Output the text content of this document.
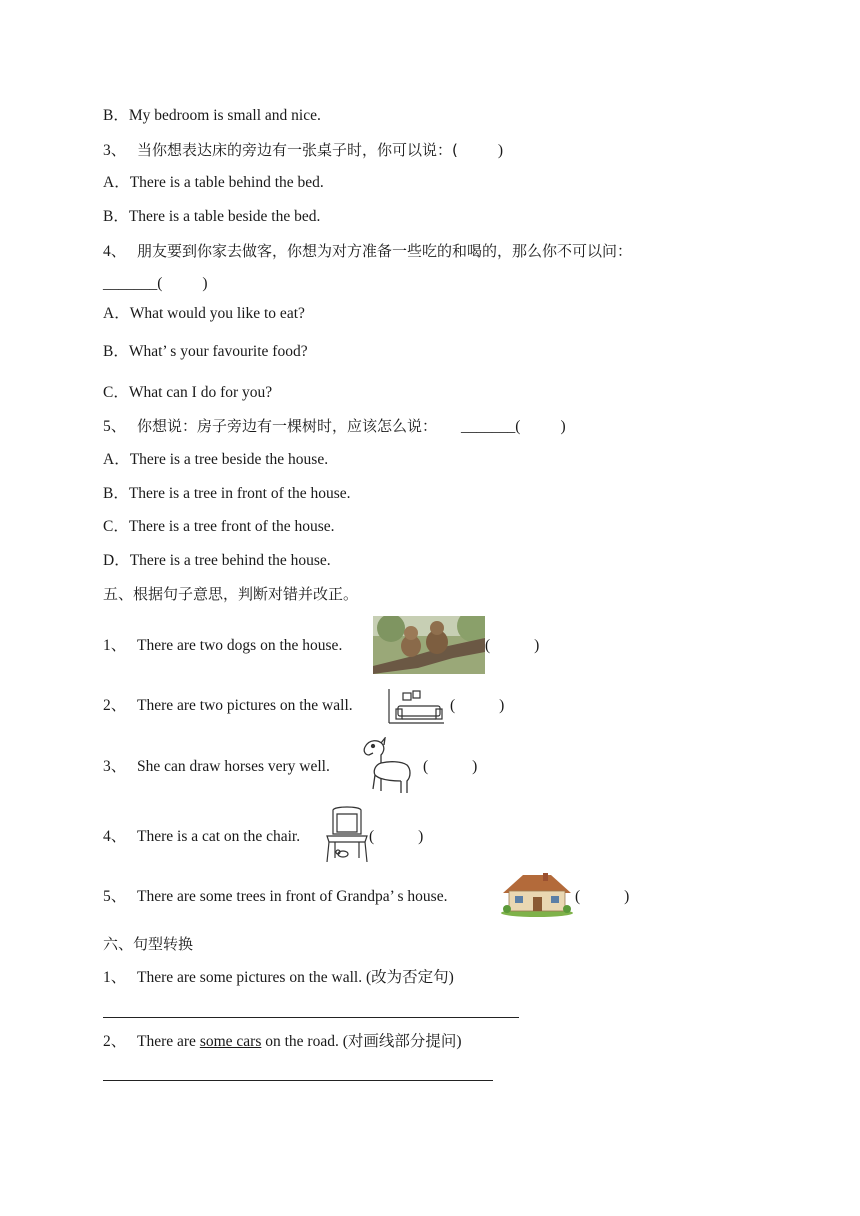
B．My bedroom is small and nice.
3、 当你想表达床的旁边有一张桌子时，你可以说：(	)
A．There is a table behind the bed.
B．There is a table beside the bed.
4、 朋友要到你家去做客，你想为对方准备一些吃的和喝的，那么你不可以问：
_______(	)
A．What would you like to eat?
B．What’ s your favourite food?
C．What can I do for you?
5、 你想说：房子旁边有一棵树时，应该怎么说： _______(	)
A．There is a tree beside the house.
B．There is a tree in front of the house.
C．There is a tree front of the house.
D．There is a tree behind the house.
五、根据句子意思，判断对错并改正。
1、 There are two dogs on the house.	(	)
2、 There are two pictures on the wall.	(	)
3、 She can draw horses very well.	(	)
4、 There is a cat on the chair.	(	)
5、 There are some trees in front of Grandpa’ s house.	(	)
六、句型转换
1、 There are some pictures on the wall. (改为否定句)
2、 There are some cars on the road. (对画线部分提问)
